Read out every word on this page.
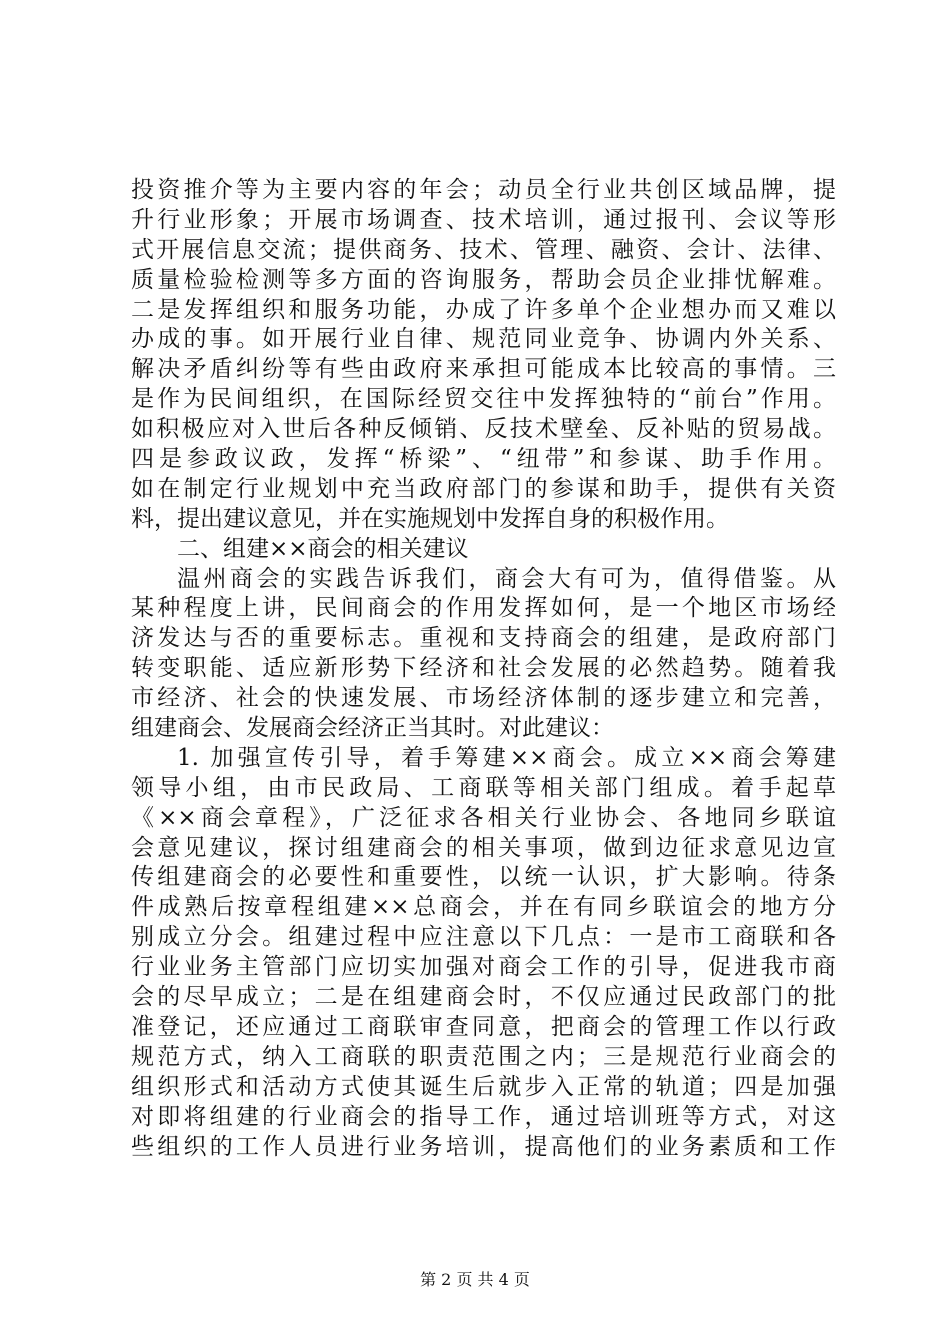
投资推介等为主要内容的年会；动员全行业共创区域品牌，提
升行业形象；开展市场调查、技术培训，通过报刊、会议等形
式开展信息交流；提供商务、技术、管理、融资、会计、法律、
质量检验检测等多方面的咨询服务，帮助会员企业排忧解难。
二是发挥组织和服务功能，办成了许多单个企业想办而又难以
办成的事。如开展行业自律、规范同业竞争、协调内外关系、
解决矛盾纠纷等有些由政府来承担可能成本比较高的事情。三
是作为民间组织，在国际经贸交往中发挥独特的“前台”作用。
如积极应对入世后各种反倾销、反技术壁垒、反补贴的贸易战。
四是参政议政，发挥“桥梁”、“纽带”和参谋、助手作用。
如在制定行业规划中充当政府部门的参谋和助手，提供有关资
料，提出建议意见，并在实施规划中发挥自身的积极作用。
二、组建××商会的相关建议
温州商会的实践告诉我们，商会大有可为，值得借鉴。从
某种程度上讲，民间商会的作用发挥如何，是一个地区市场经
济发达与否的重要标志。重视和支持商会的组建，是政府部门
转变职能、适应新形势下经济和社会发展的必然趋势。随着我
市经济、社会的快速发展、市场经济体制的逐步建立和完善，
组建商会、发展商会经济正当其时。对此建议：
1. 加强宣传引导，着手筹建××商会。成立××商会筹建
领导小组，由市民政局、工商联等相关部门组成。着手起草
《××商会章程》，广泛征求各相关行业协会、各地同乡联谊
会意见建议，探讨组建商会的相关事项，做到边征求意见边宣
传组建商会的必要性和重要性，以统一认识，扩大影响。待条
件成熟后按章程组建××总商会，并在有同乡联谊会的地方分
别成立分会。组建过程中应注意以下几点：一是市工商联和各
行业业务主管部门应切实加强对商会工作的引导，促进我市商
会的尽早成立；二是在组建商会时，不仅应通过民政部门的批
准登记，还应通过工商联审查同意，把商会的管理工作以行政
规范方式，纳入工商联的职责范围之内；三是规范行业商会的
组织形式和活动方式使其诞生后就步入正常的轨道；四是加强
对即将组建的行业商会的指导工作，通过培训班等方式，对这
些组织的工作人员进行业务培训，提高他们的业务素质和工作
第 2 页 共 4 页
